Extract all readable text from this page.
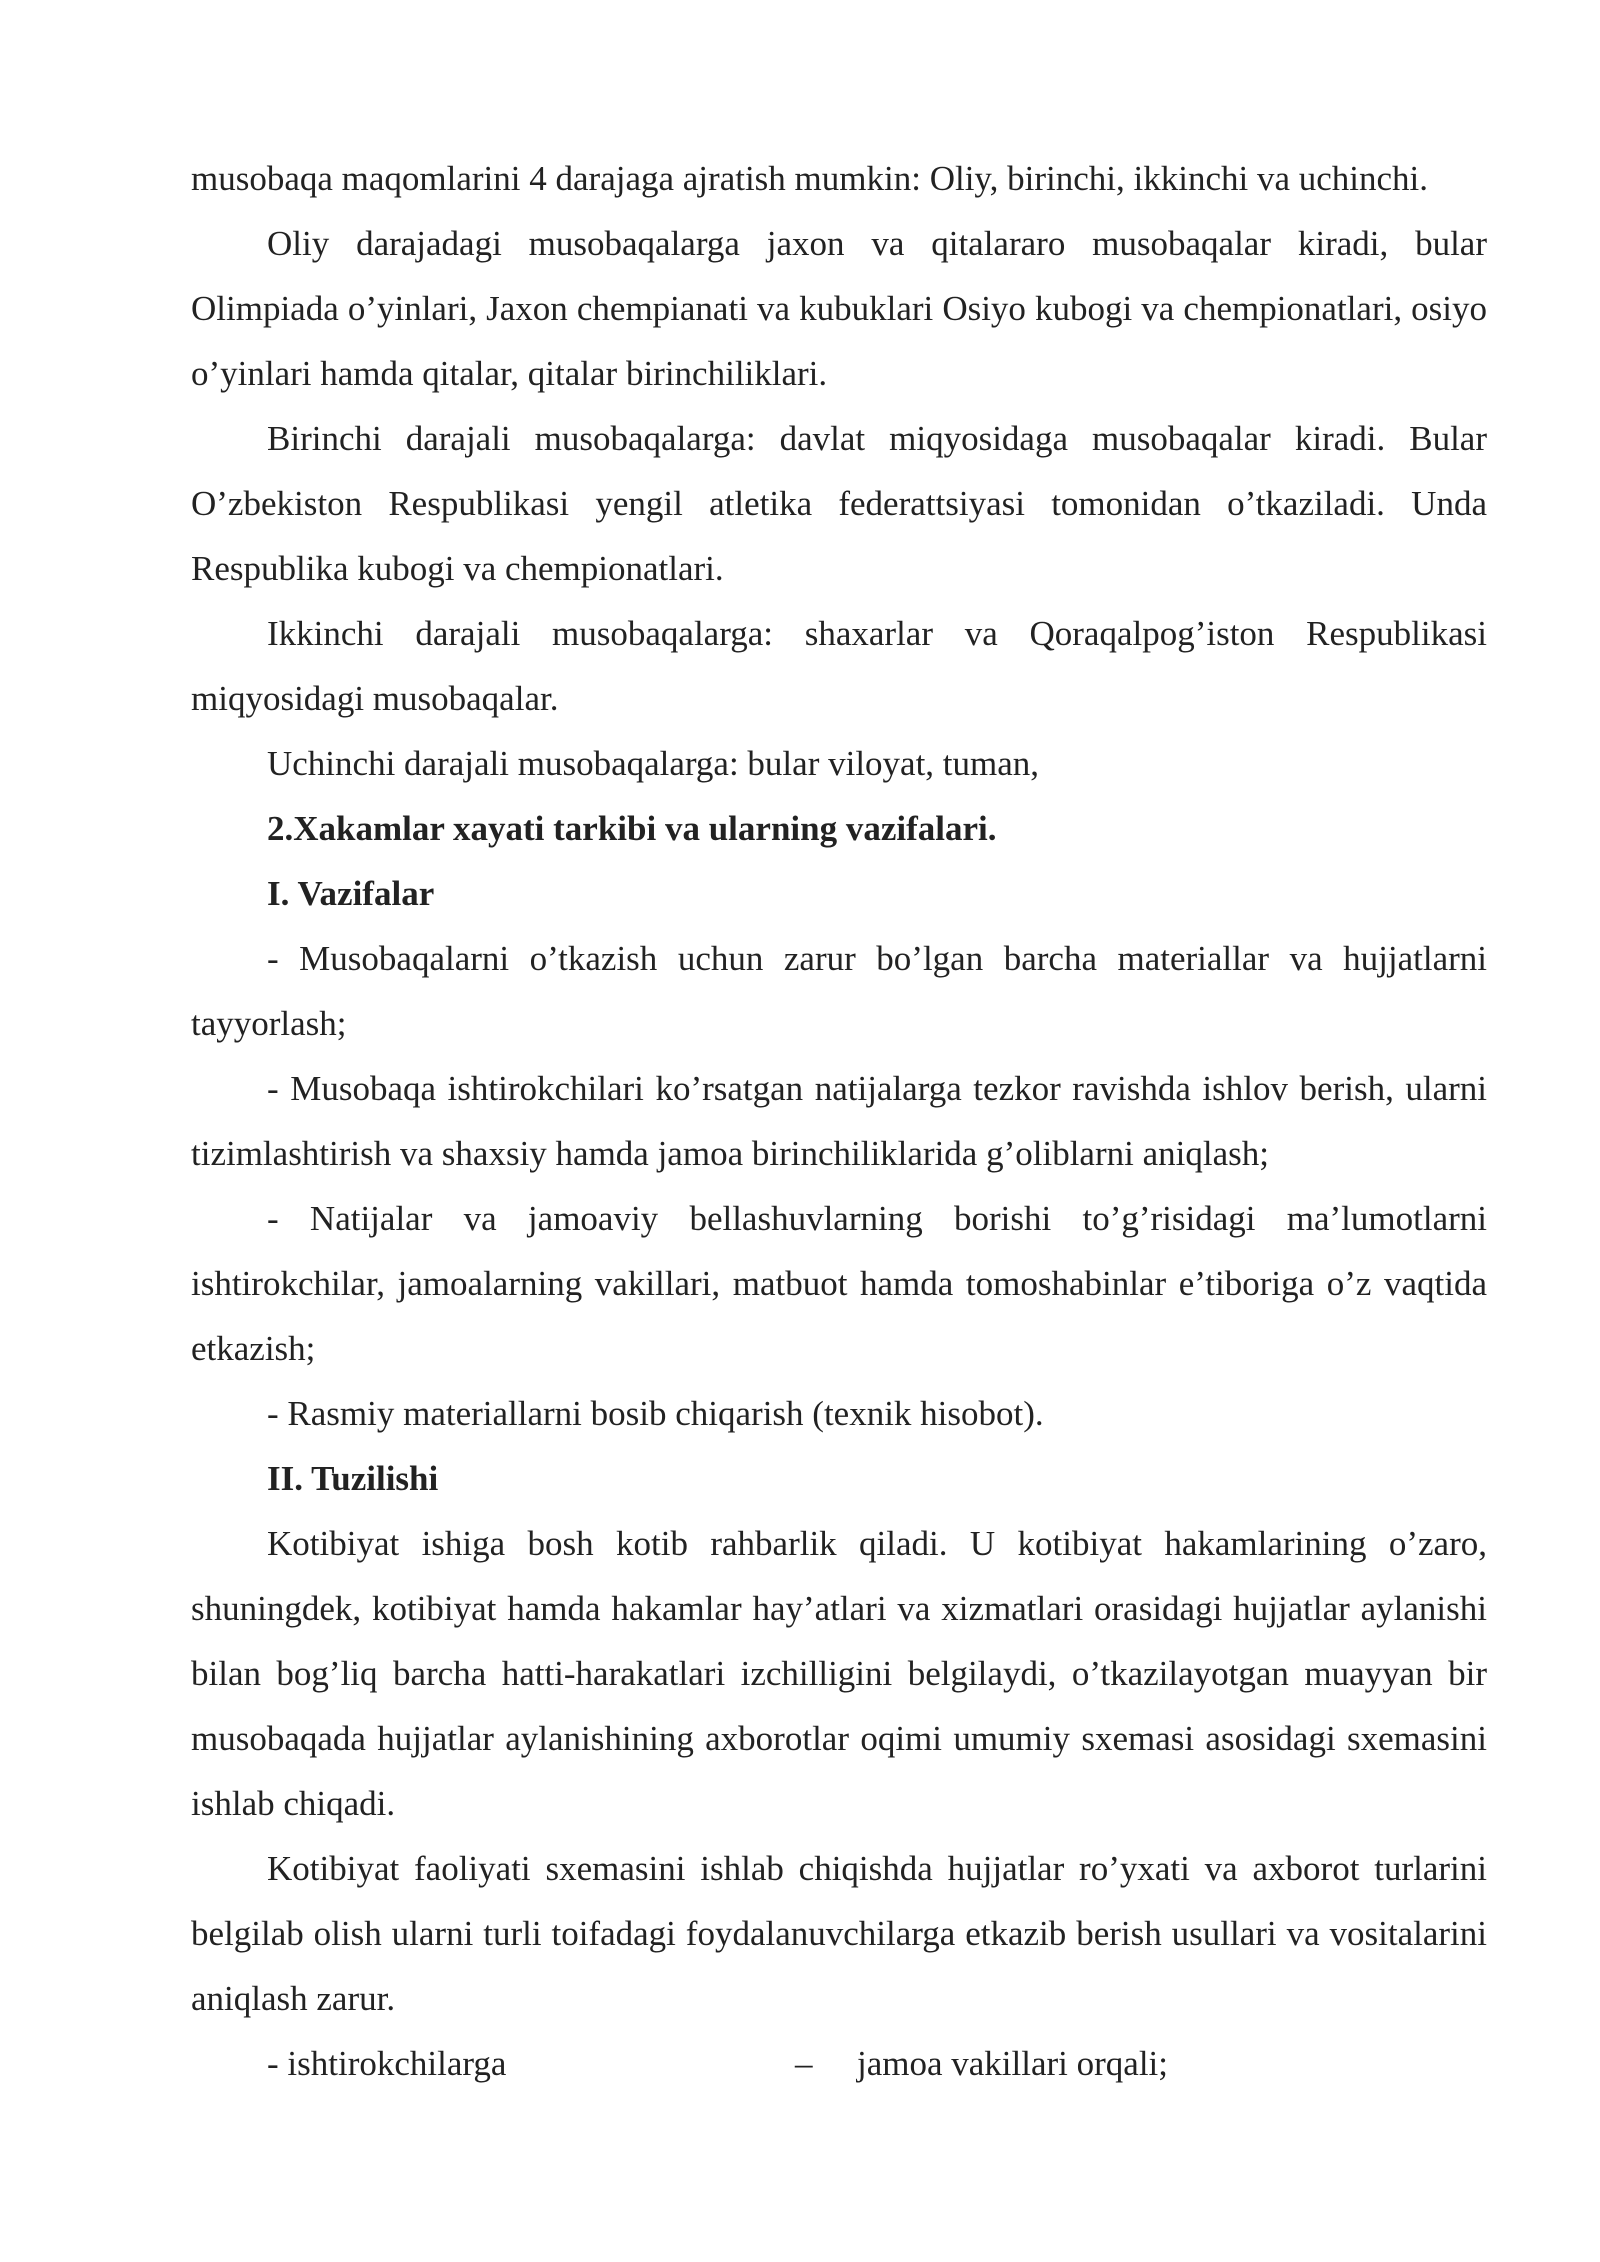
musobaqa maqomlarini 4 darajaga ajratish mumkin: Oliy, birinchi, ikkinchi va uchinchi.

Oliy darajadagi musobaqalarga jaxon va qitalararo musobaqalar kiradi, bular Olimpiada o’yinlari, Jaxon chempianati va kubuklari Osiyo kubogi va chempionatlari, osiyo o’yinlari hamda qitalar, qitalar birinchiliklari.

Birinchi darajali musobaqalarga: davlat miqyosidaga musobaqalar kiradi. Bular O’zbekiston Respublikasi yengil atletika federattsiyasi tomonidan o’tkaziladi. Unda Respublika kubogi va chempionatlari.

Ikkinchi darajali musobaqalarga: shaxarlar va Qoraqalpog’iston Respublikasi miqyosidagi musobaqalar.

Uchinchi darajali musobaqalarga: bular viloyat, tuman,

2.Xakamlar xayati tarkibi va ularning vazifalari.

I. Vazifalar

- Musobaqalarni o’tkazish uchun zarur bo’lgan barcha materiallar va hujjatlarni tayyorlash;

- Musobaqa ishtirokchilari ko’rsatgan natijalarga tezkor ravishda ishlov berish, ularni tizimlashtirish va shaxsiy hamda jamoa birinchiliklarida g’oliblarni aniqlash;

- Natijalar va jamoaviy bellashuvlarning borishi to’g’risidagi ma’lumotlarni ishtirokchilar, jamoalarning vakillari, matbuot hamda tomoshabinlar e’tiboriga o’z vaqtida etkazish;

- Rasmiy materiallarni bosib chiqarish (texnik hisobot).

II. Tuzilishi

Kotibiyat ishiga bosh kotib rahbarlik qiladi. U kotibiyat hakamlarining o’zaro, shuningdek, kotibiyat hamda hakamlar hay’atlari va xizmatlari orasidagi hujjatlar aylanishi bilan bog’liq barcha hatti-harakatlari izchilligini belgilaydi, o’tkazilayotgan muayyan bir musobaqada hujjatlar aylanishining axborotlar oqimi umumiy sxemasi asosidagi sxemasini ishlab chiqadi.

Kotibiyat faoliyati sxemasini ishlab chiqishda hujjatlar ro’yxati va axborot turlarini belgilab olish ularni turli toifadagi foydalanuvchilarga etkazib berish usullari va vositalarini aniqlash zarur.

- ishtirokchilarga	– jamoa vakillari orqali;
